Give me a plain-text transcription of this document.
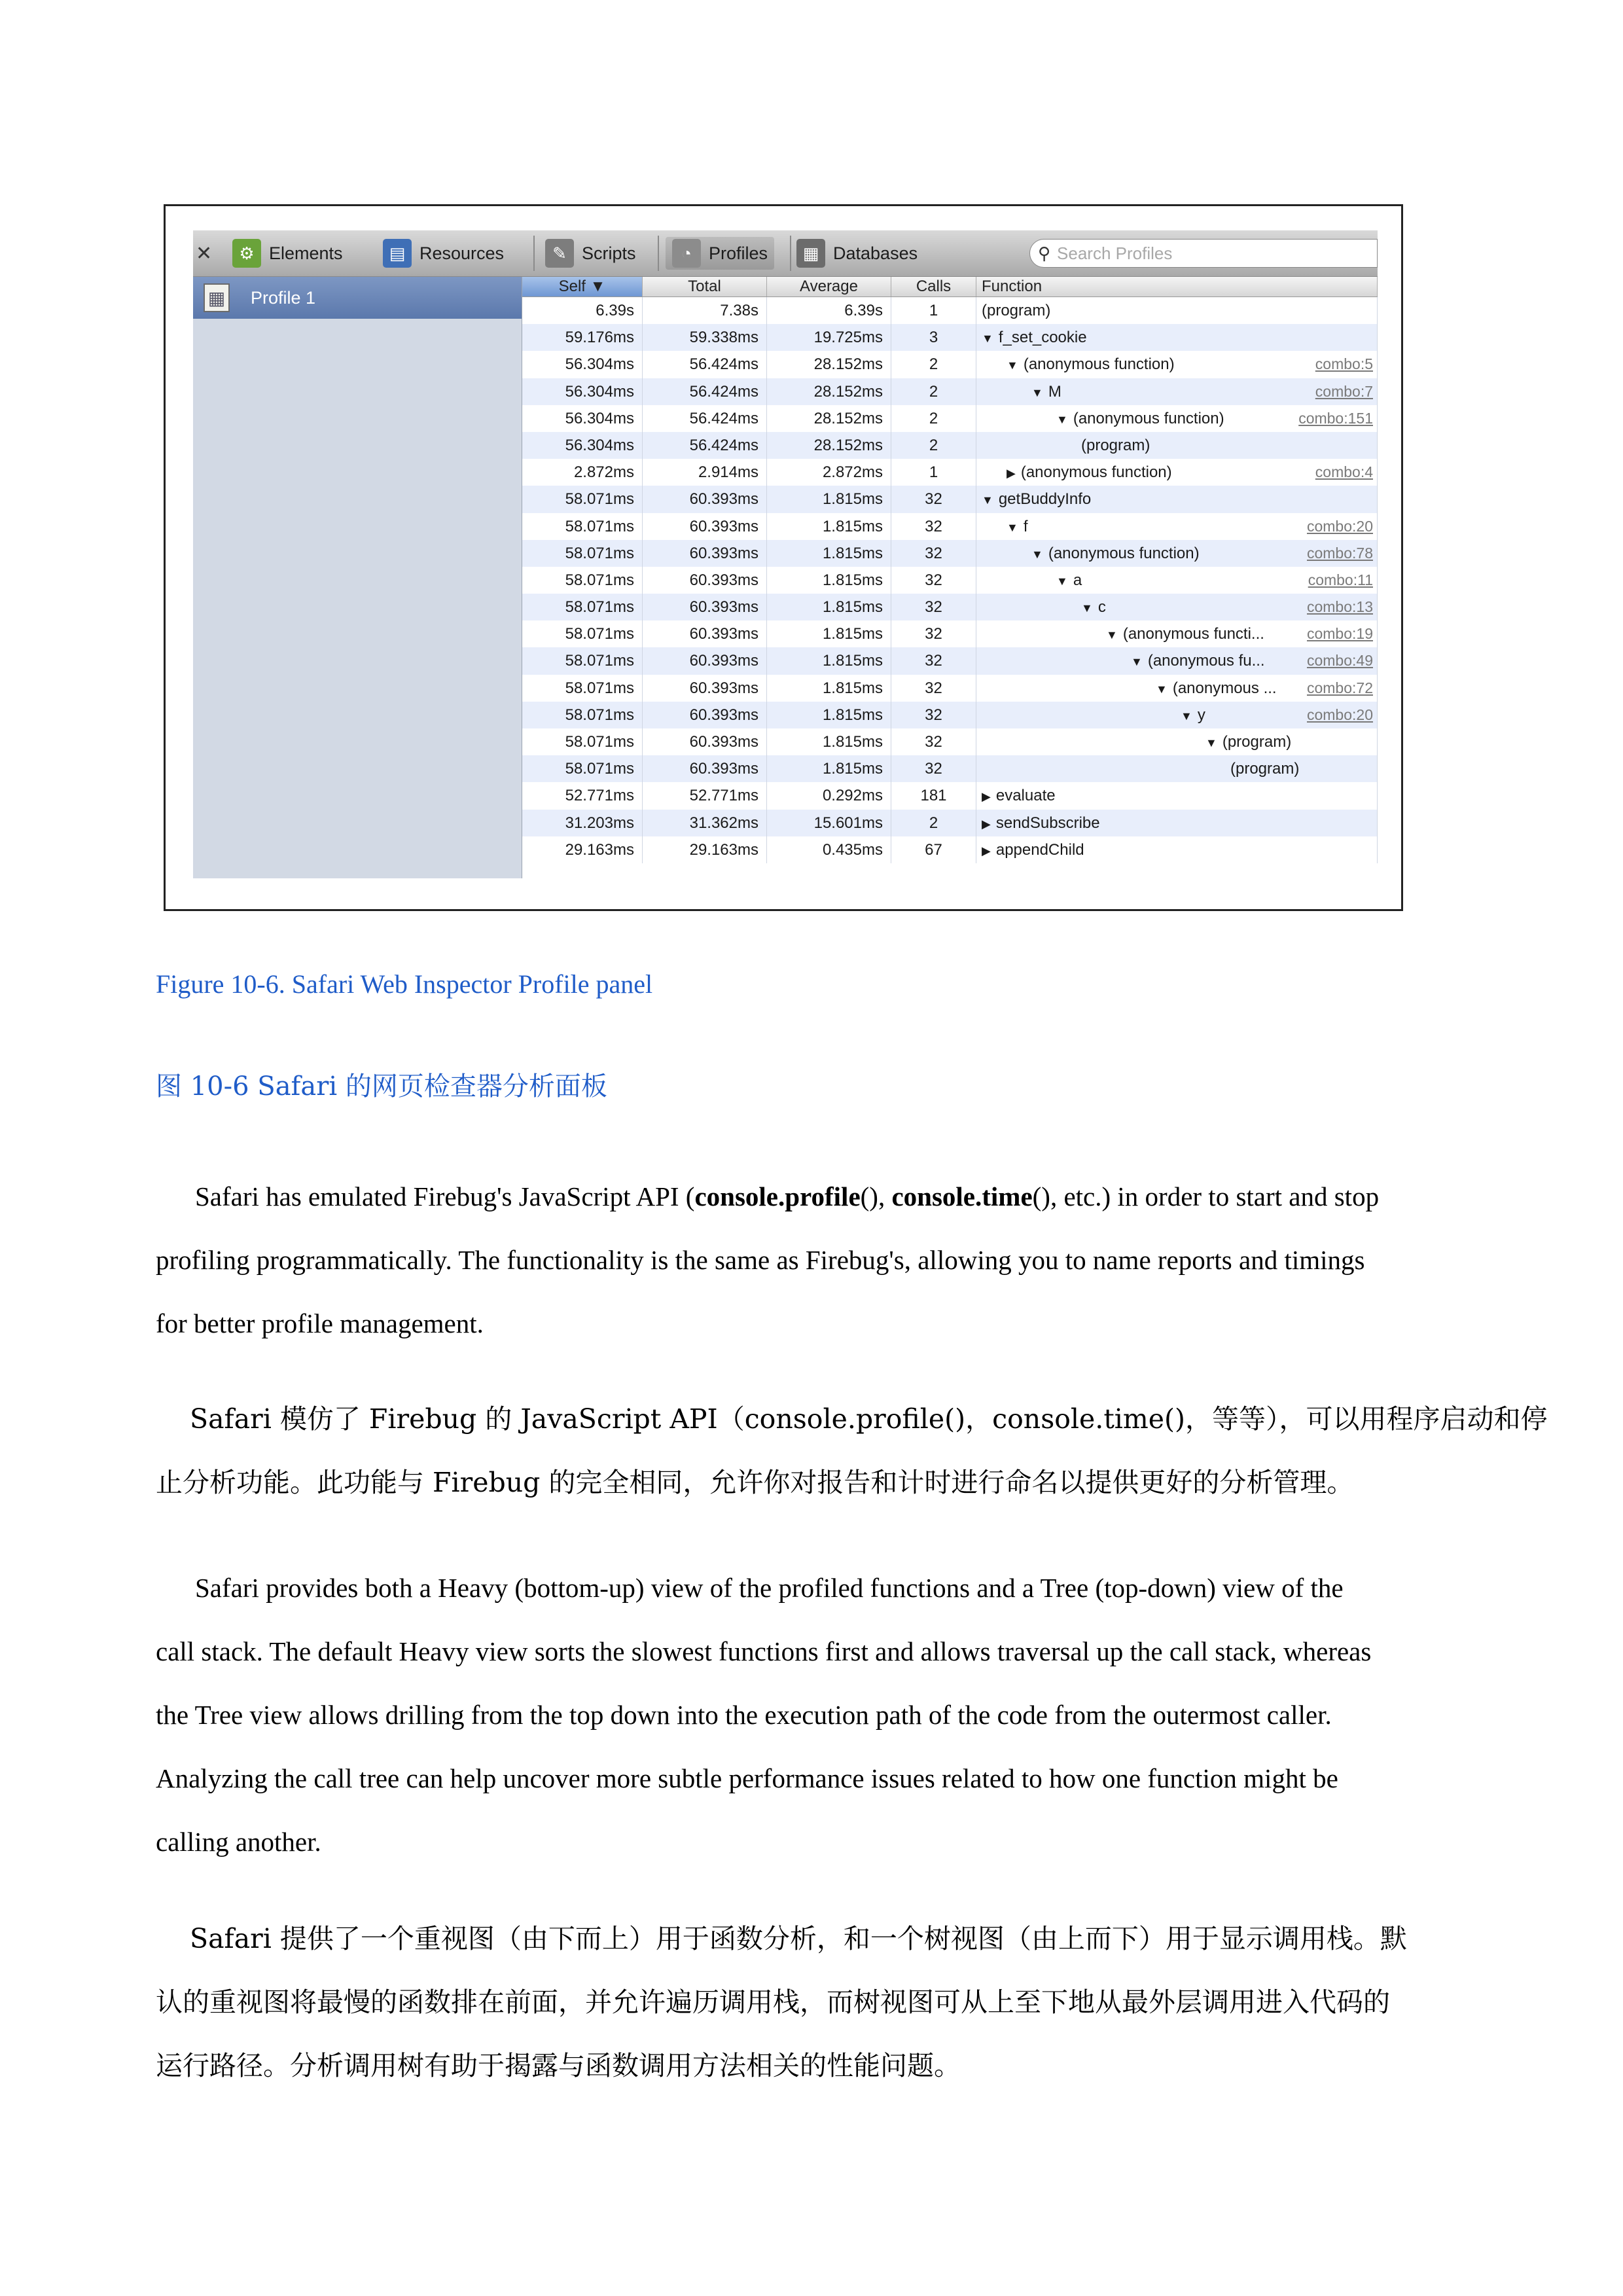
✕	⚙ Elements	▤ Resources	✎ Scripts	◔ Profiles	▦ Databases	⚲ Search Profiles
▦ Profile 1
Self ▼	Total	Average	Calls	Function
6.39s	7.38s	6.39s	1	(program)
59.176ms	59.338ms	19.725ms	3	▼ f_set_cookie
56.304ms	56.424ms	28.152ms	2	▼ (anonymous function)	combo:5
56.304ms	56.424ms	28.152ms	2	▼ M	combo:7
56.304ms	56.424ms	28.152ms	2	▼ (anonymous function)	combo:151
56.304ms	56.424ms	28.152ms	2	(program)
2.872ms	2.914ms	2.872ms	1	▶ (anonymous function)	combo:4
58.071ms	60.393ms	1.815ms	32	▼ getBuddyInfo
58.071ms	60.393ms	1.815ms	32	▼ f	combo:20
58.071ms	60.393ms	1.815ms	32	▼ (anonymous function)	combo:78
58.071ms	60.393ms	1.815ms	32	▼ a	combo:11
58.071ms	60.393ms	1.815ms	32	▼ c	combo:13
58.071ms	60.393ms	1.815ms	32	▼ (anonymous functi...	combo:19
58.071ms	60.393ms	1.815ms	32	▼ (anonymous fu...	combo:49
58.071ms	60.393ms	1.815ms	32	▼ (anonymous ... combo:72
58.071ms	60.393ms	1.815ms	32	▼ y	combo:20
58.071ms	60.393ms	1.815ms	32	▼ (program)
58.071ms	60.393ms	1.815ms	32	(program)
52.771ms	52.771ms	0.292ms	181	▶ evaluate
31.203ms	31.362ms	15.601ms	2	▶ sendSubscribe
29.163ms	29.163ms	0.435ms	67	▶ appendChild
Figure 10-6. Safari Web Inspector Profile panel
图 10-6 Safari 的网页检查器分析面板
Safari has emulated Firebug's JavaScript API (console.profile(), console.time(), etc.) in order to start and stop
profiling programmatically. The functionality is the same as Firebug's, allowing you to name reports and timings
for better profile management.
Safari 模仿了 Firebug 的 JavaScript API（console.profile()，console.time()，等等），可以用程序启动和停
止分析功能。此功能与 Firebug 的完全相同，允许你对报告和计时进行命名以提供更好的分析管理。
Safari provides both a Heavy (bottom-up) view of the profiled functions and a Tree (top-down) view of the
call stack. The default Heavy view sorts the slowest functions first and allows traversal up the call stack, whereas
the Tree view allows drilling from the top down into the execution path of the code from the outermost caller.
Analyzing the call tree can help uncover more subtle performance issues related to how one function might be
calling another.
Safari 提供了一个重视图（由下而上）用于函数分析，和一个树视图（由上而下）用于显示调用栈。默
认的重视图将最慢的函数排在前面，并允许遍历调用栈，而树视图可从上至下地从最外层调用进入代码的
运行路径。分析调用树有助于揭露与函数调用方法相关的性能问题。
